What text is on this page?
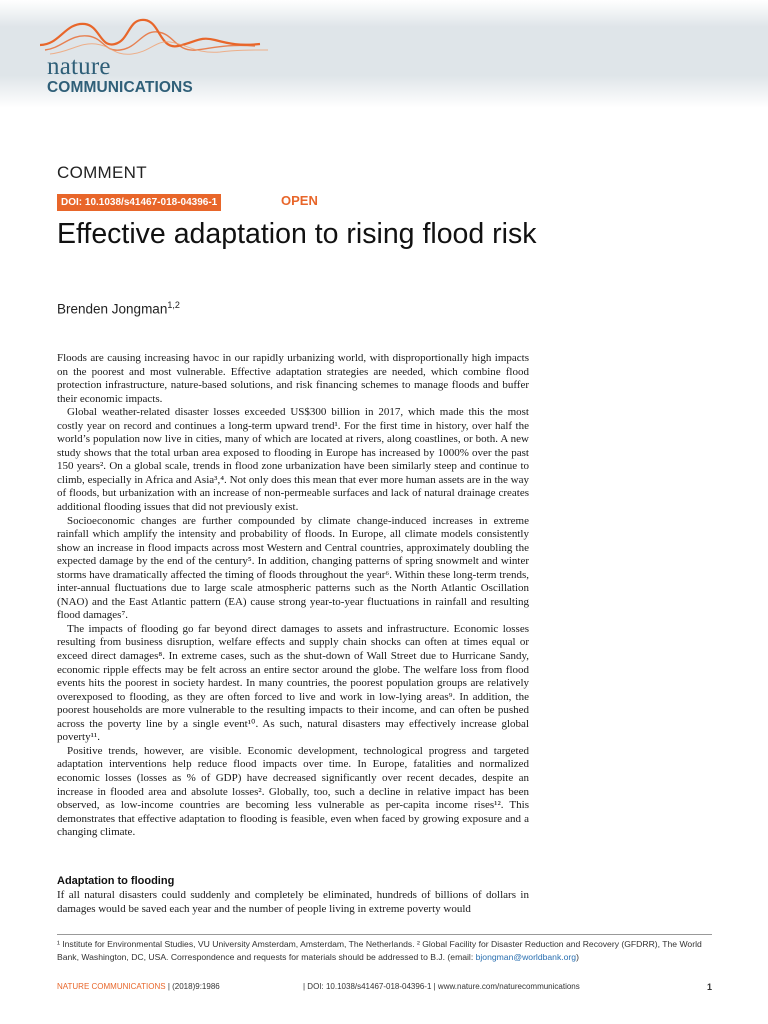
nature
COMMUNICATIONS
COMMENT
DOI: 10.1038/s41467-018-04396-1	OPEN
Effective adaptation to rising flood risk
Brenden Jongman$^{1,2}$

Floods are causing increasing havoc in our rapidly urbanizing world, with disproportionally high impacts on the poorest and most vulnerable. Effective adaptation strategies are needed, which combine flood protection infrastructure, nature-based solutions, and risk financing schemes to manage floods and buffer their economic impacts.

Global weather-related disaster losses exceeded US$300 billion in 2017, which made this the most costly year on record and continues a long-term upward trend¹. For the first time in history, over half the world’s population now live in cities, many of which are located at rivers, along coastlines, or both. A new study shows that the total urban area exposed to flooding in Europe has increased by 1000% over the past 150 years². On a global scale, trends in flood zone urbanization have been similarly steep and continue to climb, especially in Africa and Asia³,⁴. Not only does this mean that ever more human assets are in the way of floods, but urbanization with an increase of non-permeable surfaces and lack of natural drainage creates additional flooding issues that did not previously exist.

Socioeconomic changes are further compounded by climate change-induced increases in extreme rainfall which amplify the intensity and probability of floods. In Europe, all climate models consistently show an increase in flood impacts across most Western and Central countries, approximately doubling the expected damage by the end of the century⁵. In addition, changing patterns of spring snowmelt and winter storms have dramatically affected the timing of floods throughout the year⁶. Within these long-term trends, inter-annual fluctuations due to large scale atmospheric patterns such as the North Atlantic Oscillation (NAO) and the East Atlantic pattern (EA) cause strong year-to-year fluctuations in rainfall and resulting flood damages⁷.

The impacts of flooding go far beyond direct damages to assets and infrastructure. Economic losses resulting from business disruption, welfare effects and supply chain shocks can often at times equal or exceed direct damages⁸. In extreme cases, such as the shut-down of Wall Street due to Hurricane Sandy, economic ripple effects may be felt across an entire sector around the globe. The welfare loss from flood events hits the poorest in society hardest. In many countries, the poorest population groups are relatively overexposed to flooding, as they are often forced to live and work in low-lying areas⁹. In addition, the poorest households are more vulnerable to the resulting impacts to their income, and can often be pushed across the poverty line by a single event¹⁰. As such, natural disasters may effectively increase global poverty¹¹.

Positive trends, however, are visible. Economic development, technological progress and targeted adaptation interventions help reduce flood impacts over time. In Europe, fatalities and normalized economic losses (losses as % of GDP) have decreased significantly over recent decades, despite an increase in flooded area and absolute losses². Globally, too, such a decline in relative impact has been observed, as low-income countries are becoming less vulnerable as per-capita income rises¹². This demonstrates that effective adaptation to flooding is feasible, even when faced by growing exposure and a changing climate.

Adaptation to flooding
If all natural disasters could suddenly and completely be eliminated, hundreds of billions of dollars in damages would be saved each year and the number of people living in extreme poverty would
¹ Institute for Environmental Studies, VU University Amsterdam, Amsterdam, The Netherlands. ² Global Facility for Disaster Reduction and Recovery (GFDRR), The World Bank, Washington, DC, USA. Correspondence and requests for materials should be addressed to B.J. (email: bjongman@worldbank.org)
NATURE COMMUNICATIONS | (2018)9:1986	| DOI: 10.1038/s41467-018-04396-1 | www.nature.com/naturecommunications	1
